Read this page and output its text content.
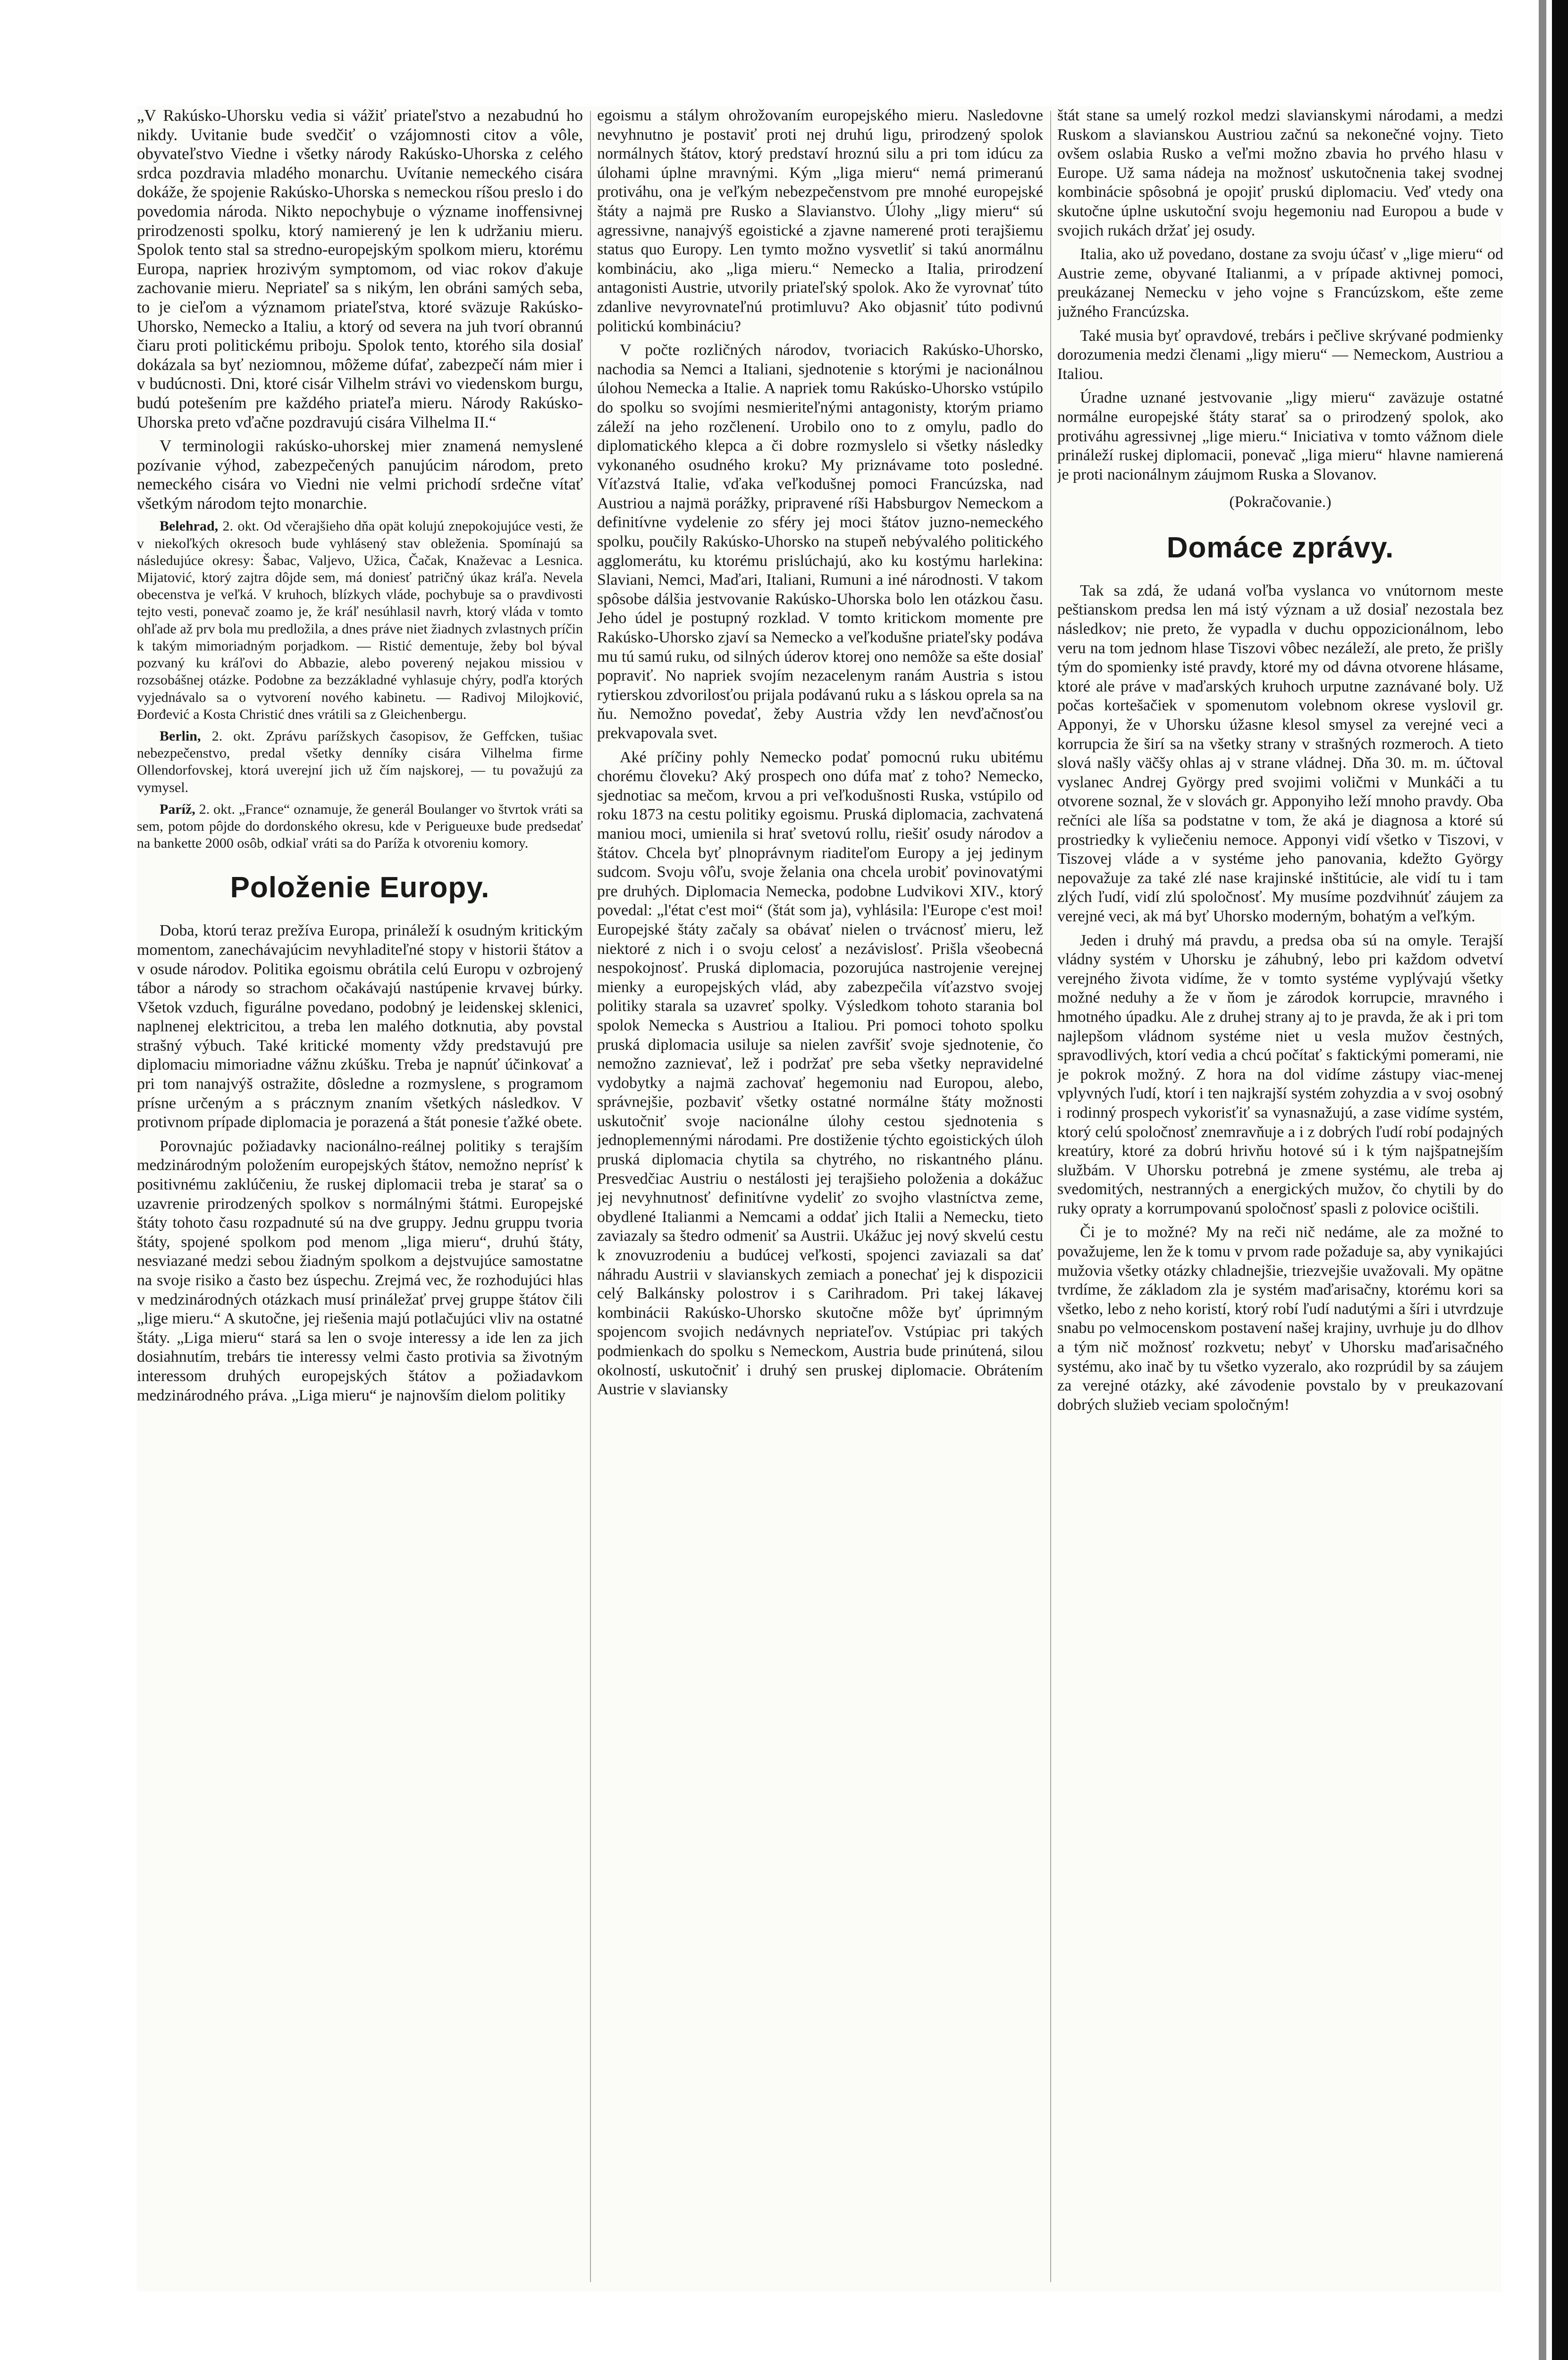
„V Rakúsko-Uhorsku vedia si vážiť priateľstvo a nezabudnú ho nikdy. Uvitanie bude svedčiť o vzájomnosti citov a vôle, obyvateľstvo Viedne i všetky národy Rakúsko-Uhorska z celého srdca pozdravia mladého monarchu. Uvítanie nemeckého cisára dokáže, že spojenie Rakúsko-Uhorska s nemeckou ríšou preslo i do povedomia národa. Nikto nepochybuje o význame inoffensivnej prirodzenosti spolku, ktorý namierený je len k udržaniu mieru. Spolok tento stal sa stredno-europejským spolkom mieru, ktorému Europa, naprieк hrozivým symptomom, od viac rokov ďakuje zachovanie mieru. Nepriateľ sa s nikým, len obráni samých seba, to je cieľom a významom priateľstva, ktoré sväzuje Rakúsko-Uhorsko, Nemecko a Italiu, a ktorý od severa na juh tvorí obrannú čiaru proti politickému priboju. Spolok tento, ktorého sila dosiaľ dokázala sa byť neziomnou, môžeme dúfať, zabezpečí nám mier i v budúcnosti. Dni, ktoré cisár Vilhelm strávi vo viedenskom burgu, budú potešením pre každého priateľa mieru. Národy Rakúsko-Uhorska preto vďačne pozdravujú cisára Vilhelma II.“

V terminologii rakúsko-uhorskej mier znamená nemyslené pozívanie výhod, zabezpečených panujúcim národom, preto nemeckého cisára vo Viedni nie velmi prichodí srdečne vítať všetkým národom tejto monarchie.

Belehrad, 2. okt. Od včerajšieho dňa opät kolujú znepokojujúce vesti, že v niekoľkých okresoch bude vyhlásený stav obleženia. Spomínajú sa následujúce okresy: Šabac, Valjevo, Užica, Čačak, Knaževac a Lesnica. Mijatović, ktorý zajtra dôjde sem, má doniesť patričný úkaz kráľa. Nevela obecenstva je veľká. V kruhoch, blízkych vláde, pochybuje sa o pravdivosti tejto vesti, ponevač zoamo je, že kráľ nesúhlasil navrh, ktorý vláda v tomto ohľade až prv bola mu predložila, a dnes práve niet žiadnych zvlastnych príčin k takým mimoriadným porjadkom. — Ristić dementuje, žeby bol býval pozvaný ku kráľovi do Abbazie, alebo poverený nejakou missiou v rozsobášnej otázke. Podobne za bezzákladné vyhlasuje chýry, podľa ktorých vyjednávalo sa o vytvorení nového kabinetu. — Radivoj Milojković, Đorđević a Kosta Christić dnes vrátili sa z Gleichenbergu.

Berlin, 2. okt. Zprávu parížskych časopisov, že Geffcken, tušiac nebezpečenstvo, predal všetky denníky cisára Vilhelma firme Ollendorfovskej, ktorá uverejní jich už čím najskorej, — tu považujú za vymysel.

Paríž, 2. okt. „France“ oznamuje, že generál Boulanger vo štvrtok vráti sa sem, potom pôjde do dordonského okresu, kde v Perigueuxe bude predsedať na bankette 2000 osôb, odkiaľ vráti sa do Paríža k otvoreniu komory.

Položenie Europy.

Doba, ktorú teraz prežíva Europa, prináleží k osudným kritickým momentom, zanechávajúcim nevyhladiteľné stopy v historii štátov a v osude národov. Politika egoismu obrátila celú Europu v ozbrojený tábor a národy so strachom očakávajú nastúpenie krvavej búrky. Všetok vzduch, figurálne povedano, podobný je leidenskej sklenici, naplnenej elektricitou, a treba len malého dotknutia, aby povstal strašný výbuch. Také kritické momenty vždy predstavujú pre diplomaciu mimoriadne vážnu zkúšku. Treba je napnúť účinkovať a pri tom nanajvýš ostražite, dôsledne a rozmyslene, s programom prísne určeným a s prácznym znaním všetkých následkov. V protivnom prípade diplomacia je porazená a štát ponesie ťažké obete.

Porovnajúc požiadavky nacionálno-reálnej politiky s terajším medzinárodným položením europejských štátov, nemožno neprísť k positivnému zaklúčeniu, že ruskej diplomacii treba je starať sa o uzavrenie prirodzených spolkov s normálnými štátmi. Europejské štáty tohoto času rozpadnuté sú na dve gruppy. Jednu gruppu tvoria štáty, spojené spolkom pod menom „liga mieru“, druhú štáty, nesviazané medzi sebou žiadným spolkom a dejstvujúce samostatne na svoje risiko a často bez úspechu. Zrejmá vec, že rozhodujúci hlas v medzinárodných otázkach musí prináležať prvej gruppe štátov čili „lige mieru.“ A skutočne, jej riešenia majú potlačujúci vliv na ostatné štáty. „Liga mieru“ stará sa len o svoje interessy a ide len za jich dosiahnutím, trebárs tie interessy velmi často protivia sa životným interessom druhých europejských štátov a požiadavkom medzinárodného práva. „Liga mieru“ je najnovším dielom politiky

egoismu a stálym ohrožovaním europejského mieru. Nasledovne nevyhnutno je postaviť proti nej druhú ligu, prirodzený spolok normálnych štátov, ktorý predstaví hroznú silu a pri tom idúcu za úlohami úplne mravnými. Kým „liga mieru“ nemá primeranú protiváhu, ona je veľkým nebezpečenstvom pre mnohé europejské štáty a najmä pre Rusko a Slavianstvo. Úlohy „ligy mieru“ sú agressivne, nanajvýš egoistické a zjavne namerené proti terajšiemu status quo Europy. Len tymto možno vysvetliť si takú anormálnu kombináciu, ako „liga mieru.“ Nemecko a Italia, prirodzení antagonisti Austrie, utvorily priateľský spolok. Ako že vyrovnať túto zdanlive nevyrovnateľnú protimluvu? Ako objasniť túto podivnú politickú kombináciu?

V počte rozličných národov, tvoriacich Rakúsko-Uhorsko, nachodia sa Nemci a Italiani, sjednotenie s ktorými je nacionálnou úlohou Nemecka a Italie. A napriek tomu Rakúsko-Uhorsko vstúpilo do spolku so svojími nesmieriteľnými antagonisty, ktorým priamo záleží na jeho rozčlenení. Urobilo ono to z omylu, padlo do diplomatického klepca a či dobre rozmyslelo si všetky následky vykonaného osudného kroku? My priznávame toto posledné. Víťazstvá Italie, vďaka veľkodušnej pomoci Francúzska, nad Austriou a najmä porážky, pripravené ríši Habsburgov Nemeckom a definitívne vydelenie zo sféry jej moci štátov juzno-nemeckého spolku, poučily Rakúsko-Uhorsko na stupeň nebývalého politického agglomerátu, ku ktorému prislúchajú, ako ku kostýmu harlekina: Slaviani, Nemci, Maďari, Italiani, Rumuni a iné národnosti. V takom spôsobe dálšia jestvovanie Rakúsko-Uhorska bolo len otázkou času. Jeho údel je postupný rozklad. V tomto kritickom momente pre Rakúsko-Uhorsko zjaví sa Nemecko a veľkodušne priateľsky podáva mu tú samú ruku, od silných úderov ktorej ono nemôže sa ešte dosiaľ popraviť. No napriek svojím nezacelenym ranám Austria s istou rytierskou zdvorilosťou prijala podávanú ruku a s láskou oprela sa na ňu. Nemožno povedať, žeby Austria vždy len nevďačnosťou prekvapovala svet.

Aké príčiny pohly Nemecko podať pomocnú ruku ubitému chorému človeku? Aký prospech ono dúfa mať z toho? Nemecko, sjednotiac sa mečom, krvou a pri veľkodušnosti Ruska, vstúpilo od roku 1873 na cestu politiky egoismu. Pruská diplomacia, zachvatená maniou moci, umienila si hrať svetovú rollu, riešiť osudy národov a štátov. Chcela byť plnoprávnym riaditeľom Europy a jej jedinym sudcom. Svoju vôľu, svoje želania ona chcela urobiť povinovatými pre druhých. Diplomacia Nemecka, podobne Ludvikovi XIV., ktorý povedal: „l'état c'est moi“ (štát som ja), vyhlásila: l'Europe c'est moi! Europejské štáty začaly sa obávať nielen o trvácnosť mieru, lež niektoré z nich i o svoju celosť a nezávislosť. Prišla všeobecná nespokojnosť. Pruská diplomacia, pozorujúca nastrojenie verejnej mienky a europejských vlád, aby zabezpečila víťazstvo svojej politiky starala sa uzavreť spolky. Výsledkom tohoto starania bol spolok Nemecka s Austriou a Italiou. Pri pomoci tohoto spolku pruská diplomacia usiluje sa nielen zavŕšiť svoje sjednotenie, čo nemožno zaznievať, lež i podržať pre seba všetky nepravidelné vydobytky a najmä zachovať hegemoniu nad Europou, alebo, správnejšie, pozbaviť všetky ostatné normálne štáty možnosti uskutočniť svoje nacionálne úlohy cestou sjednotenia s jednoplemennými národami. Pre dostiženie týchto egoistických úloh pruská diplomacia chytila sa chytrého, no riskantného plánu. Presvedčiac Austriu o nestálosti jej terajšieho položenia a dokážuc jej nevyhnutnosť definitívne vydeliť zo svojho vlastníctva zeme, obydlené Italianmi a Nemcami a oddať jich Italii a Nemecku, tieto zaviazaly sa štedro odmeniť sa Austrii. Ukážuc jej nový skvelú cestu k znovuzrodeniu a budúcej veľkosti, spojenci zaviazali sa dať náhradu Austrii v slavianskych zemiach a ponechať jej k dispozicii celý Balkánsky polostrov i s Carihradom. Pri takej lákavej kombinácii Rakúsko-Uhorsko skutočne môže byť úprimným spojencom svojich nedávnych nepriateľov. Vstúpiac pri takých podmienkach do spolku s Nemeckom, Austria bude prinútená, silou okolností, uskutočniť i druhý sen pruskej diplomacie. Obrátením Austrie v slaviansky

štát stane sa umelý rozkol medzi slavianskymi národami, a medzi Ruskom a slavianskou Austriou začnú sa nekonečné vojny. Tieto ovšem oslabia Rusko a veľmi možno zbavia ho prvého hlasu v Europe. Už sama nádeja na možnosť uskutočnenia takej svodnej kombinácie spôsobná je opojiť pruskú diplomaciu. Veď vtedy ona skutočne úplne uskutoční svoju hegemoniu nad Europou a bude v svojich rukách držať jej osudy.

Italia, ako už povedano, dostane za svoju účasť v „lige mieru“ od Austrie zeme, obyvané Italianmi, a v prípade aktivnej pomoci, preukázanej Nemecku v jeho vojne s Francúzskom, ešte zeme južného Francúzska.

Také musia byť opravdové, trebárs i pečlive skrývané podmienky dorozumenia medzi členami „ligy mieru“ — Nemeckom, Austriou a Italiou.

Úradne uznané jestvovanie „ligy mieru“ zaväzuje ostatné normálne europejské štáty starať sa o prirodzený spolok, ako protiváhu agressivnej „lige mieru.“ Iniciativa v tomto vážnom diele prináleží ruskej diplomacii, ponevač „liga mieru“ hlavne namierená je proti nacionálnym záujmom Ruska a Slovanov.

(Pokračovanie.)

Domáce zprávy.

Tak sa zdá, že udaná voľba vyslanca vo vnútornom meste peštianskom predsa len má istý význam a už dosiaľ nezostala bez následkov; nie preto, že vypadla v duchu oppozicionálnom, lebo veru na tom jednom hlase Tiszovi vôbec nezáleží, ale preto, že prišly tým do spomienky isté pravdy, ktoré my od dávna otvorene hlásame, ktoré ale práve v maďarských kruhoch urputne zaznávané boly. Už počas kortešačiek v spomenutom volebnom okrese vyslovil gr. Apponyi, že v Uhorsku úžasne klesol smysel za verejné veci a korrupcia že širí sa na všetky strany v strašných rozmeroch. A tieto slová našly väčšy ohlas aj v strane vládnej. Dňa 30. m. m. účtoval vyslanec Andrej György pred svojimi voličmi v Munkáči a tu otvorene soznal, že v slovách gr. Apponyiho leží mnoho pravdy. Oba rečníci ale líša sa podstatne v tom, že aká je diagnosa a ktoré sú prostriedky k vyliečeniu nemoce. Apponyi vidí všetko v Tiszovi, v Tiszovej vláde a v systéme jeho panovania, kdežto György nepovažuje za také zlé nase krajinské inštitúcie, ale vidí tu i tam zlých ľudí, vidí zlú spoločnosť. My musíme pozdvihnúť záujem za verejné veci, ak má byť Uhorsko moderným, bohatým a veľkým.

Jeden i druhý má pravdu, a predsa oba sú na omyle. Terajší vládny systém v Uhorsku je záhubný, lebo pri každom odvetví verejného života vidíme, že v tomto systéme vyplývajú všetky možné neduhy a že v ňom je zárodok korrupcie, mravného i hmotného úpadku. Ale z druhej strany aj to je pravda, že ak i pri tom najlepšom vládnom systéme niet u vesla mužov čestných, spravodlivých, ktorí vedia a chcú počítať s faktickými pomerami, nie je pokrok možný. Z hora na dol vidíme zástupy viac-menej vplyvných ľudí, ktorí i ten najkrajší systém zohyzdia a v svoj osobný i rodinný prospech vykorisťiť sa vynasnažujú, a zase vidíme systém, ktorý celú spoločnosť znemravňuje a i z dobrých ľudí robí podajných kreatúry, ktoré za dobrú hrivňu hotové sú i k tým najšpatnejším službám. V Uhorsku potrebná je zmene systému, ale treba aj svedomitých, nestranných a energických mužov, čo chytili by do ruky opraty a korrumpovanú spoločnosť spasli z polovice ocištili.

Či je to možné? My na reči nič nedáme, ale za možné to považujeme, len že k tomu v prvom rade požaduje sa, aby vynikajúci mužovia všetky otázky chladnejšie, triezvejšie uvažovali. My opätne tvrdíme, že základom zla je systém maďarisačny, ktorému kori sa všetko, lebo z neho koristí, ktorý robí ľudí nadutými a šíri i utvrdzuje snabu po velmocenskom postavení našej krajiny, uvrhuje ju do dlhov a tým nič možnosť rozkvetu; nebyť v Uhorsku maďarisačného systému, ako inač by tu všetko vyzeralo, ako rozprúdil by sa záujem za verejné otázky, aké závodenie povstalo by v preukazovaní dobrých služieb veciam spoločným!
